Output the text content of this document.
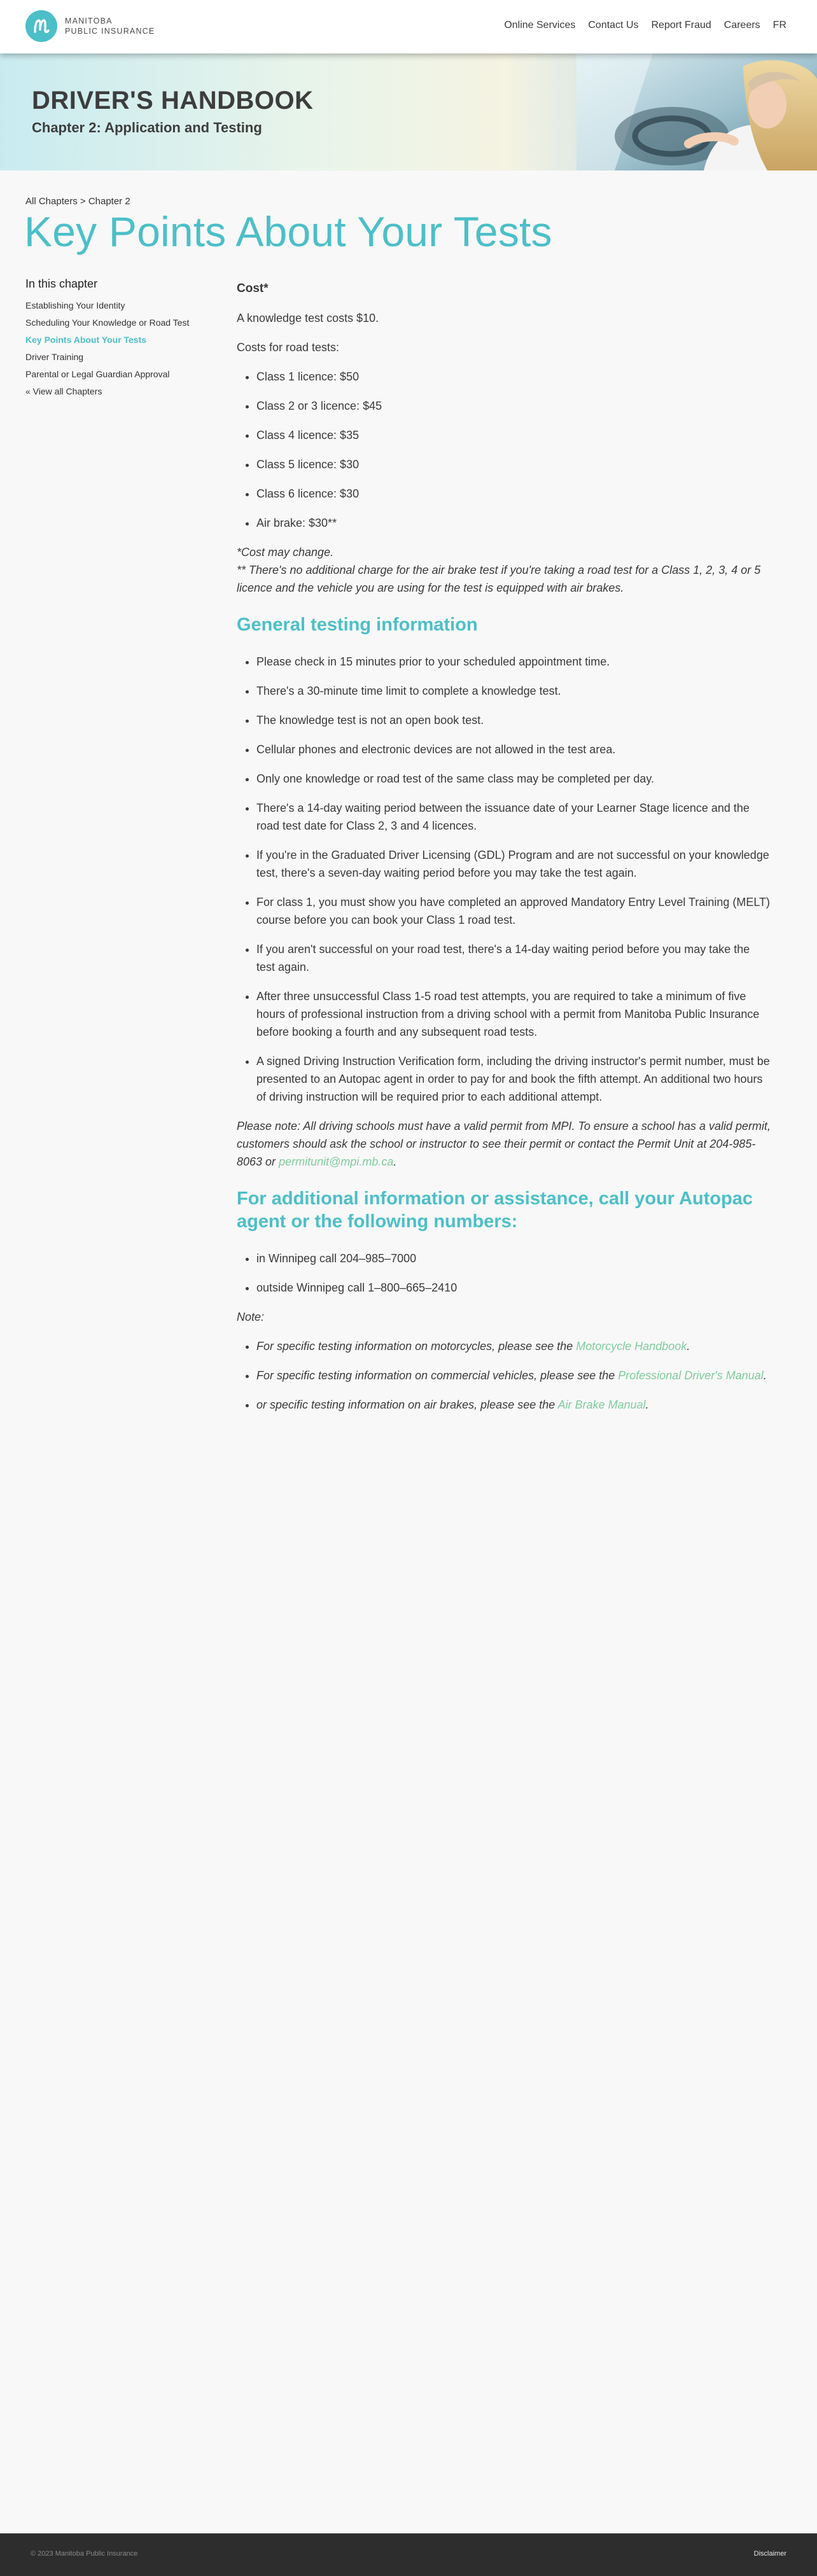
MANITOBA
PUBLIC INSURANCE
Online Services Contact Us Report Fraud Careers FR
DRIVER'S HANDBOOK
Chapter 2: Application and Testing
All Chapters > Chapter 2
Key Points About Your Tests
In this chapter
Establishing Your Identity
Scheduling Your Knowledge or Road Test
Key Points About Your Tests
Driver Training
Parental or Legal Guardian Approval
« View all Chapters
Cost*

A knowledge test costs $10.

Costs for road tests:

• Class 1 licence: $50
• Class 2 or 3 licence: $45
• Class 4 licence: $35
• Class 5 licence: $30
• Class 6 licence: $30
• Air brake: $30**

*Cost may change.
** There's no additional charge for the air brake test if you're taking a road test for a Class 1, 2, 3, 4 or 5 licence and the vehicle you are using for the test is equipped with air brakes.

General testing information
• Please check in 15 minutes prior to your scheduled appointment time.
• There's a 30-minute time limit to complete a knowledge test.
• The knowledge test is not an open book test.
• Cellular phones and electronic devices are not allowed in the test area.
• Only one knowledge or road test of the same class may be completed per day.
• There's a 14-day waiting period between the issuance date of your Learner Stage licence and the road test date for Class 2, 3 and 4 licences.
• If you're in the Graduated Driver Licensing (GDL) Program and are not successful on your knowledge test, there's a seven-day waiting period before you may take the test again.
• For class 1, you must show you have completed an approved Mandatory Entry Level Training (MELT) course before you can book your Class 1 road test.
• If you aren't successful on your road test, there's a 14-day waiting period before you may take the test again.
• After three unsuccessful Class 1-5 road test attempts, you are required to take a minimum of five hours of professional instruction from a driving school with a permit from Manitoba Public Insurance before booking a fourth and any subsequent road tests.
• A signed Driving Instruction Verification form, including the driving instructor's permit number, must be presented to an Autopac agent in order to pay for and book the fifth attempt. An additional two hours of driving instruction will be required prior to each additional attempt.

Please note: All driving schools must have a valid permit from MPI. To ensure a school has a valid permit, customers should ask the school or instructor to see their permit or contact the Permit Unit at 204-985-8063 or permitunit@mpi.mb.ca.

For additional information or assistance, call your Autopac agent or the following numbers:
• in Winnipeg call 204–985–7000
• outside Winnipeg call 1–800–665–2410

Note:

• For specific testing information on motorcycles, please see the Motorcycle Handbook.
• For specific testing information on commercial vehicles, please see the Professional Driver's Manual.
• or specific testing information on air brakes, please see the Air Brake Manual.
© 2023 Manitoba Public Insurance	Disclaimer
